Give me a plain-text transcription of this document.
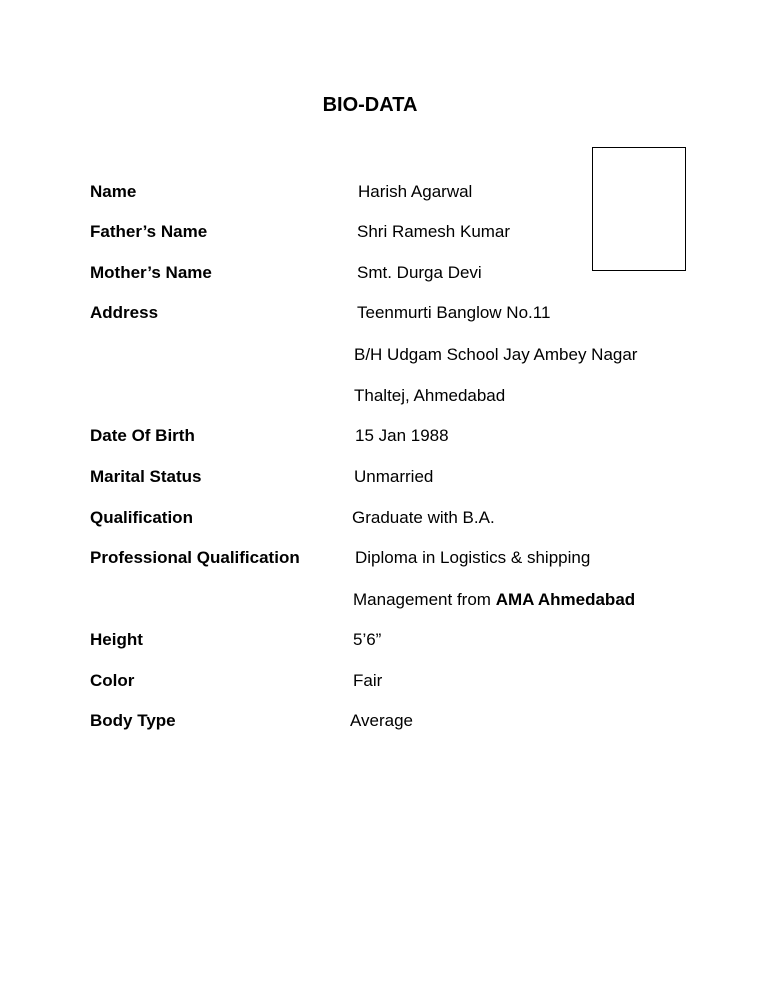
BIO-DATA
Name	Harish Agarwal
Father’s Name	Shri Ramesh Kumar
Mother’s Name	Smt. Durga Devi
Address	Teenmurti Banglow No.11
B/H Udgam School Jay Ambey Nagar
Thaltej, Ahmedabad
Date Of Birth	15 Jan 1988
Marital Status	Unmarried
Qualification	Graduate with B.A.
Professional Qualification	Diploma in Logistics & shipping
Management from AMA Ahmedabad
Height	5’6”
Color	Fair
Body Type	Average
